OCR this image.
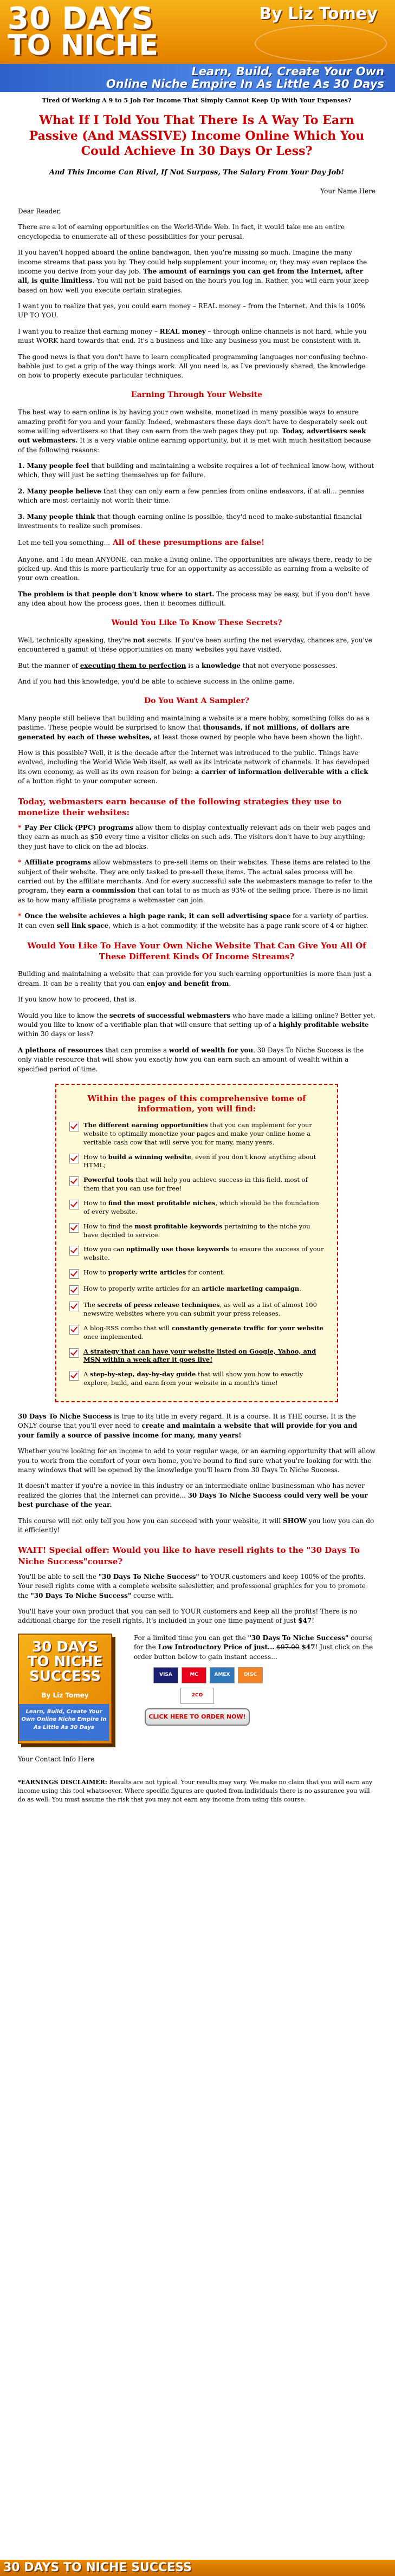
30 DAYS
TO NICHE
By Liz Tomey
Learn, Build, Create Your Own
Online Niche Empire In As Little As 30 Days
Tired Of Working A 9 to 5 Job For Income That Simply Cannot Keep Up With Your Expenses?
What If I Told You That There Is A Way To Earn Passive (And MASSIVE) Income Online Which You Could Achieve In 30 Days Or Less?
And This Income Can Rival, If Not Surpass, The Salary From Your Day Job!
Your Name Here

Dear Reader,

There are a lot of earning opportunities on the World-Wide Web. In fact, it would take me an entire encyclopedia to enumerate all of these possibilities for your perusal.

If you haven't hopped aboard the online bandwagon, then you're missing so much. Imagine the many income streams that pass you by. They could help supplement your income; or, they may even replace the income you derive from your day job. The amount of earnings you can get from the Internet, after all, is quite limitless. You will not be paid based on the hours you log in. Rather, you will earn your keep based on how well you execute certain strategies.

I want you to realize that yes, you could earn money – REAL money – from the Internet. And this is 100% UP TO YOU.

I want you to realize that earning money – REAL money – through online channels is not hard, while you must WORK hard towards that end. It's a business and like any business you must be consistent with it.

The good news is that you don't have to learn complicated programming languages nor confusing techno-babble just to get a grip of the way things work. All you need is, as I've previously shared, the knowledge on how to properly execute particular techniques.

Earning Through Your Website

The best way to earn online is by having your own website, monetized in many possible ways to ensure amazing profit for you and your family. Indeed, webmasters these days don't have to desperately seek out some willing advertisers so that they can earn from the web pages they put up. Today, advertisers seek out webmasters. It is a very viable online earning opportunity, but it is met with much hesitation because of the following reasons:

1. Many people feel that building and maintaining a website requires a lot of technical know-how, without which, they will just be setting themselves up for failure.

2. Many people believe that they can only earn a few pennies from online endeavors, if at all... pennies which are most certainly not worth their time.

3. Many people think that though earning online is possible, they'd need to make substantial financial investments to realize such promises.

Let me tell you something... All of these presumptions are false!

Anyone, and I do mean ANYONE, can make a living online. The opportunities are always there, ready to be picked up. And this is more particularly true for an opportunity as accessible as earning from a website of your own creation.

The problem is that people don't know where to start. The process may be easy, but if you don't have any idea about how the process goes, then it becomes difficult.

Would You Like To Know These Secrets?

Well, technically speaking, they're not secrets. If you've been surfing the net everyday, chances are, you've encountered a gamut of these opportunities on many websites you have visited.

But the manner of executing them to perfection is a knowledge that not everyone possesses.

And if you had this knowledge, you'd be able to achieve success in the online game.

Do You Want A Sampler?

Many people still believe that building and maintaining a website is a mere hobby, something folks do as a pastime. These people would be surprised to know that thousands, if not millions, of dollars are generated by each of these websites, at least those owned by people who have been shown the light.

How is this possible? Well, it is the decade after the Internet was introduced to the public. Things have evolved, including the World Wide Web itself, as well as its intricate network of channels. It has developed its own economy, as well as its own reason for being: a carrier of information deliverable with a click of a button right to your computer screen.

Today, webmasters earn because of the following strategies they use to monetize their websites:

* Pay Per Click (PPC) programs allow them to display contextually relevant ads on their web pages and they earn as much as $50 every time a visitor clicks on such ads. The visitors don't have to buy anything; they just have to click on the ad blocks.

* Affiliate programs allow webmasters to pre-sell items on their websites. These items are related to the subject of their website. They are only tasked to pre-sell these items. The actual sales process will be carried out by the affiliate merchants. And for every successful sale the webmasters manage to refer to the program, they earn a commission that can total to as much as 93% of the selling price. There is no limit as to how many affiliate programs a webmaster can join.

* Once the website achieves a high page rank, it can sell advertising space for a variety of parties. It can even sell link space, which is a hot commodity, if the website has a page rank score of 4 or higher.

Would You Like To Have Your Own Niche Website That Can Give You All Of These Different Kinds Of Income Streams?

Building and maintaining a website that can provide for you such earning opportunities is more than just a dream. It can be a reality that you can enjoy and benefit from.

If you know how to proceed, that is.

Would you like to know the secrets of successful webmasters who have made a killing online? Better yet, would you like to know of a verifiable plan that will ensure that setting up of a highly profitable website within 30 days or less?

A plethora of resources that can promise a world of wealth for you. 30 Days To Niche Success is the only viable resource that will show you exactly how you can earn such an amount of wealth within a specified period of time.

Within the pages of this comprehensive tome of information, you will find:
The different earning opportunities that you can implement for your website to optimally monetize your pages and make your online home a veritable cash cow that will serve you for many, many years.
How to build a winning website, even if you don't know anything about HTML;
Powerful tools that will help you achieve success in this field, most of them that you can use for free!
How to find the most profitable niches, which should be the foundation of every website.
How to find the most profitable keywords pertaining to the niche you have decided to service.
How you can optimally use those keywords to ensure the success of your website.
How to properly write articles for content.
How to properly write articles for an article marketing campaign.
The secrets of press release techniques, as well as a list of almost 100 newswire websites where you can submit your press releases.
A blog-RSS combo that will constantly generate traffic for your website once implemented.
A strategy that can have your website listed on Google, Yahoo, and MSN within a week after it goes live!
A step-by-step, day-by-day guide that will show you how to exactly explore, build, and earn from your website in a month's time!

30 Days To Niche Success is true to its title in every regard. It is a course. It is THE course. It is the ONLY course that you'll ever need to create and maintain a website that will provide for you and your family a source of passive income for many, many years!

Whether you're looking for an income to add to your regular wage, or an earning opportunity that will allow you to work from the comfort of your own home, you're bound to find sure what you're looking for with the many windows that will be opened by the knowledge you'll learn from 30 Days To Niche Success.

It doesn't matter if you're a novice in this industry or an intermediate online businessman who has never realized the glories that the Internet can provide... 30 Days To Niche Success could very well be your best purchase of the year.

This course will not only tell you how you can succeed with your website, it will SHOW you how you can do it efficiently!

WAIT! Special offer: Would you like to have resell rights to the "30 Days To Niche Success"course?

You'll be able to sell the "30 Days To Niche Success" to YOUR customers and keep 100% of the profits. Your resell rights come with a complete website salesletter, and professional graphics for you to promote the "30 Days To Niche Success" course with.

You'll have your own product that you can sell to YOUR customers and keep all the profits! There is no additional charge for the resell rights. It's included in your one time payment of just $47!

30 DAYS TO NICHE SUCCESS
By Liz Tomey
Learn, Build, Create Your Own Online Niche Empire In As Little As 30 Days

For a limited time you can get the "30 Days To Niche Success" course for the Low Introductory Price of just... $97.00 $47! Just click on the order button below to gain instant access...

VISA	MC	AMEX	DISC
2CO
CLICK HERE TO ORDER NOW!

Your Contact Info Here

*EARNINGS DISCLAIMER: Results are not typical. Your results may vary. We make no claim that you will earn any income using this tool whatsoever. Where specific figures are quoted from individuals there is no assurance you will do as well. You must assume the risk that you may not earn any income from using this course.

30 DAYS TO NICHE SUCCESS
